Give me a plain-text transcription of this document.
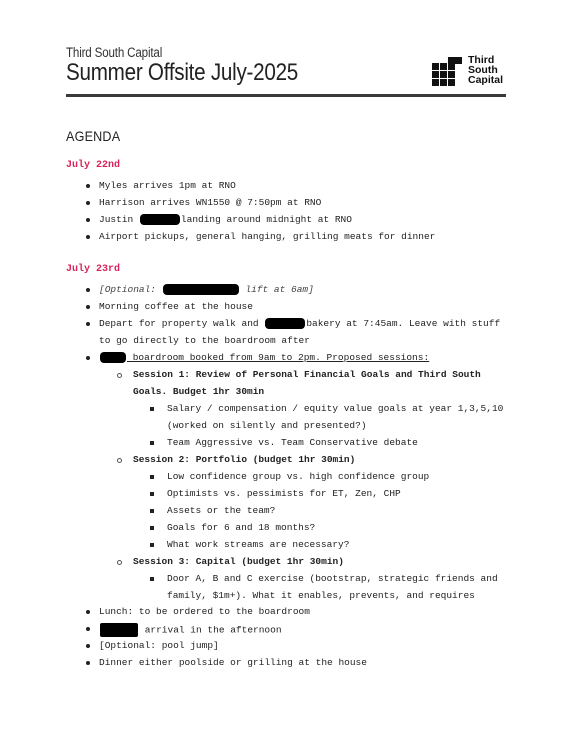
Third South Capital
Summer Offsite July-2025	Third
South
Capital
AGENDA
July 22nd
Myles arrives 1pm at RNO
Harrison arrives WN1550 @ 7:50pm at RNO
Justin	landing around midnight at RNO
Airport pickups, general hanging, grilling meats for dinner
July 23rd
[Optional:	lift at 6am]
Morning coffee at the house
Depart for property walk and	bakery at 7:45am. Leave with stuff
to go directly to the boardroom after
boardroom booked from 9am to 2pm. Proposed sessions:
Session 1: Review of Personal Financial Goals and Third South
Goals. Budget 1hr 30min
Salary / compensation / equity value goals at year 1,3,5,10
(worked on silently and presented?)
Team Aggressive vs. Team Conservative debate
Session 2: Portfolio (budget 1hr 30min)
Low confidence group vs. high confidence group
Optimists vs. pessimists for ET, Zen, CHP
Assets or the team?
Goals for 6 and 18 months?
What work streams are necessary?
Session 3: Capital (budget 1hr 30min)
Door A, B and C exercise (bootstrap, strategic friends and
family, $1m+). What it enables, prevents, and requires
Lunch: to be ordered to the boardroom
arrival in the afternoon
[Optional: pool jump]
Dinner either poolside or grilling at the house
